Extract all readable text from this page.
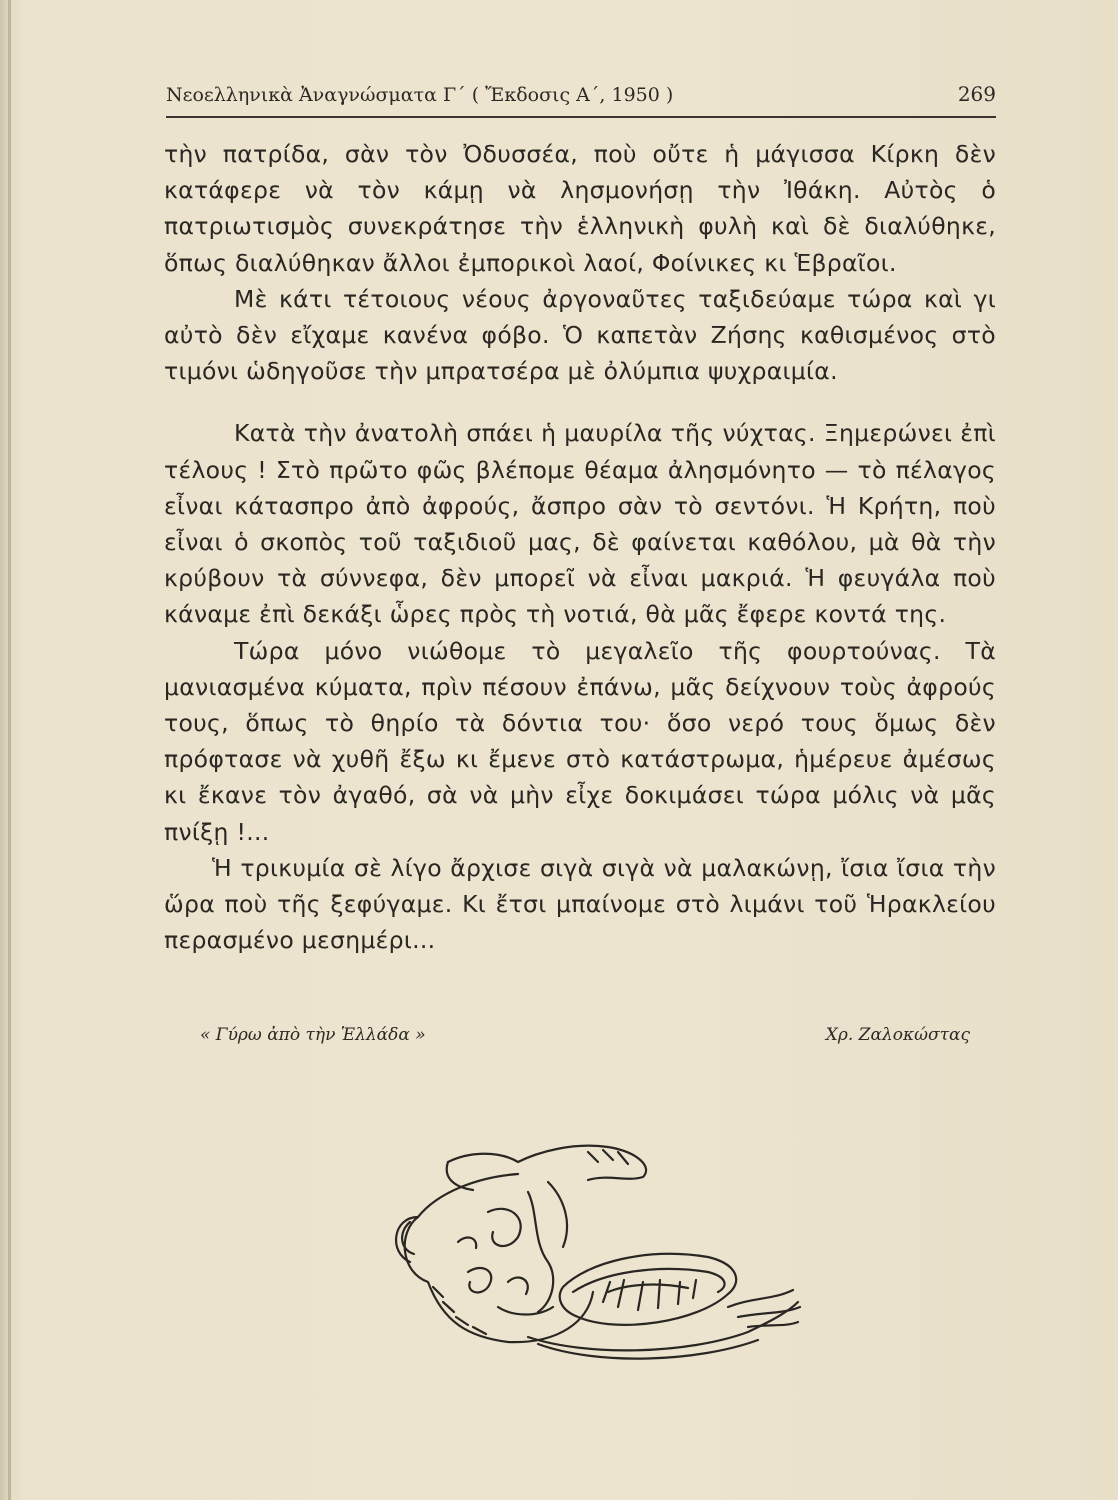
Νεοελληνικὰ Ἀναγνώσματα Γ΄ ( Ἔκδοσις Α΄, 1950 )	269

τὴν πατρίδα, σὰν τὸν Ὀδυσσέα, ποὺ οὔτε ἡ μάγισσα Κίρκη δὲν κατάφερε νὰ τὸν κάμῃ νὰ λησμονήσῃ τὴν Ἰθάκη. Αὐτὸς ὁ πατριωτισμὸς συνεκράτησε τὴν ἑλληνικὴ φυλὴ καὶ δὲ διαλύθηκε, ὅπως διαλύθηκαν ἄλλοι ἐμπορικοὶ λαοί, Φοίνικες κι Ἑβραῖοι.

Μὲ κάτι τέτοιους νέους ἀργοναῦτες ταξιδεύαμε τώρα καὶ γι αὐτὸ δὲν εἴχαμε κανένα φόβο. Ὁ καπετὰν Ζήσης καθισμένος στὸ τιμόνι ὡδηγοῦσε τὴν μπρατσέρα μὲ ὀλύμπια ψυχραιμία.

Κατὰ τὴν ἀνατολὴ σπάει ἡ μαυρίλα τῆς νύχτας. Ξημερώνει ἐπὶ τέλους ! Στὸ πρῶτο φῶς βλέπομε θέαμα ἀλησμόνητο — τὸ πέλαγος εἶναι κάτασπρο ἀπὸ ἀφρούς, ἄσπρο σὰν τὸ σεντόνι. Ἡ Κρήτη, ποὺ εἶναι ὁ σκοπὸς τοῦ ταξιδιοῦ μας, δὲ φαίνεται καθόλου, μὰ θὰ τὴν κρύβουν τὰ σύννεφα, δὲν μπορεῖ νὰ εἶναι μακριά. Ἡ φευγάλα ποὺ κάναμε ἐπὶ δεκάξι ὧρες πρὸς τὴ νοτιά, θὰ μᾶς ἔφερε κοντά της.

Τώρα μόνο νιώθομε τὸ μεγαλεῖο τῆς φουρτούνας. Τὰ μανιασμένα κύματα, πρὶν πέσουν ἐπάνω, μᾶς δείχνουν τοὺς ἀφρούς τους, ὅπως τὸ θηρίο τὰ δόντια του· ὅσο νερό τους ὅμως δὲν πρόφτασε νὰ χυθῆ ἔξω κι ἔμενε στὸ κατάστρωμα, ἡμέρευε ἀμέσως κι ἔκανε τὸν ἀγαθό, σὰ νὰ μὴν εἶχε δοκιμάσει τώρα μόλις νὰ μᾶς πνίξῃ !...

Ἡ τρικυμία σὲ λίγο ἄρχισε σιγὰ σιγὰ νὰ μαλακώνῃ, ἴσια ἴσια τὴν ὥρα ποὺ τῆς ξεφύγαμε. Κι ἔτσι μπαίνομε στὸ λιμάνι τοῦ Ἡρακλείου περασμένο μεσημέρι...

« Γύρω ἀπὸ τὴν Ἑλλάδα »	Χρ. Ζαλοκώστας
